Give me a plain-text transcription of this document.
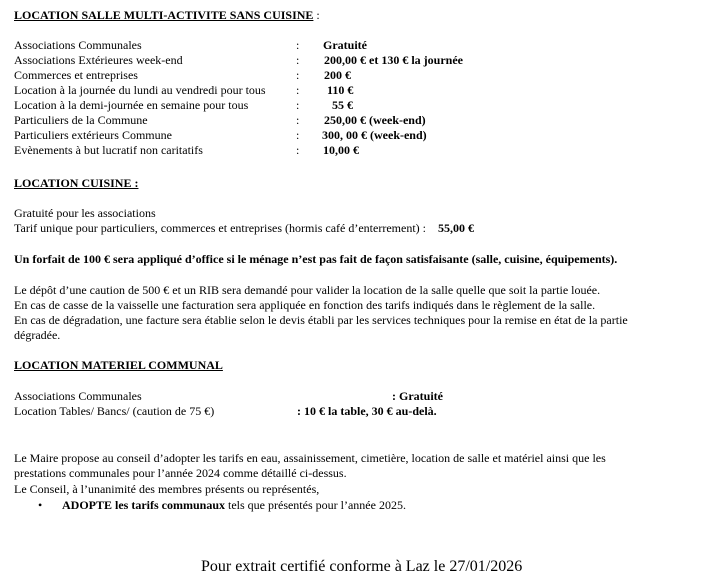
LOCATION SALLE MULTI-ACTIVITE SANS CUISINE :
Associations Communales	: Gratuité
Associations Extérieures week-end	: 200,00 € et 130 € la journée
Commerces et entreprises	: 200 €
Location à la journée du lundi au vendredi pour tous	: 110 €
Location à la demi-journée en semaine pour tous	:	55 €
Particuliers de la Commune	: 250,00 € (week-end)
Particuliers extérieurs Commune	: 300, 00 € (week-end)
Evènements à but lucratif non caritatifs	: 10,00 €
LOCATION CUISINE :
Gratuité pour les associations
Tarif unique pour particuliers, commerces et entreprises (hormis café d’enterrement) : 55,00 €
Un forfait de 100 € sera appliqué d’office si le ménage n’est pas fait de façon satisfaisante (salle, cuisine, équipements).
Le dépôt d’une caution de 500 € et un RIB sera demandé pour valider la location de la salle quelle que soit la partie louée.
En cas de casse de la vaisselle une facturation sera appliquée en fonction des tarifs indiqués dans le règlement de la salle.
En cas de dégradation, une facture sera établie selon le devis établi par les services techniques pour la remise en état de la partie
dégradée.
LOCATION MATERIEL COMMUNAL
Associations Communales	: Gratuité
Location Tables/ Bancs/ (caution de 75 €)	: 10 € la table, 30 € au-delà.
Le Maire propose au conseil d’adopter les tarifs en eau, assainissement, cimetière, location de salle et matériel ainsi que les
prestations communales pour l’année 2024 comme détaillé ci-dessus.
Le Conseil, à l’unanimité des membres présents ou représentés,
• ADOPTE les tarifs communaux tels que présentés pour l’année 2025.
Pour extrait certifié conforme à Laz le 27/01/2026
